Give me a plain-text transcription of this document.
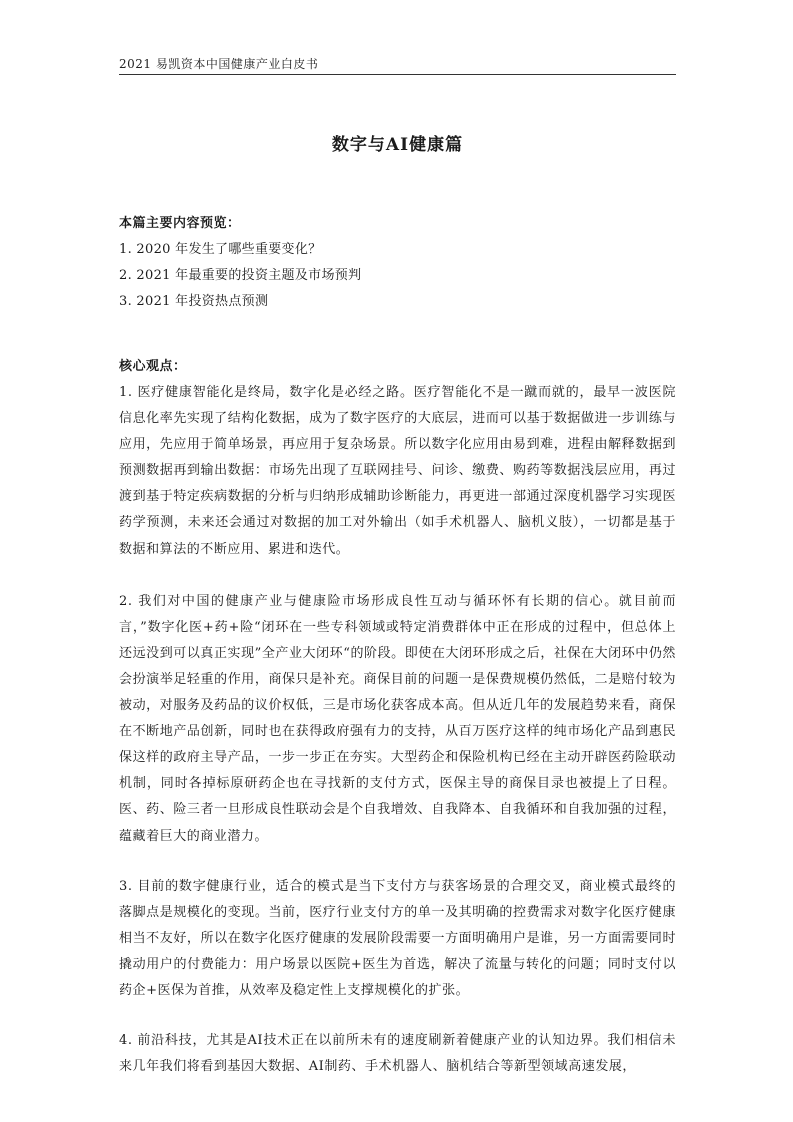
2021 易凯资本中国健康产业白皮书
数字与AI健康篇
本篇主要内容预览：
1. 2020 年发生了哪些重要变化？
2. 2021 年最重要的投资主题及市场预判
3. 2021 年投资热点预测
核心观点：

1. 医疗健康智能化是终局，数字化是必经之路。医疗智能化不是一蹴而就的，最早一波医院信息化率先实现了结构化数据，成为了数字医疗的大底层，进而可以基于数据做进一步训练与应用，先应用于简单场景，再应用于复杂场景。所以数字化应用由易到难，进程由解释数据到预测数据再到输出数据：市场先出现了互联网挂号、问诊、缴费、购药等数据浅层应用，再过渡到基于特定疾病数据的分析与归纳形成辅助诊断能力，再更进一部通过深度机器学习实现医药学预测，未来还会通过对数据的加工对外输出（如手术机器人、脑机义肢），一切都是基于数据和算法的不断应用、累进和迭代。

2. 我们对中国的健康产业与健康险市场形成良性互动与循环怀有长期的信心。就目前而言，”数字化医+药+险“闭环在一些专科领域或特定消费群体中正在形成的过程中，但总体上还远没到可以真正实现”全产业大闭环“的阶段。即使在大闭环形成之后，社保在大闭环中仍然会扮演举足轻重的作用，商保只是补充。商保目前的问题一是保费规模仍然低，二是赔付较为被动，对服务及药品的议价权低，三是市场化获客成本高。但从近几年的发展趋势来看，商保在不断地产品创新，同时也在获得政府强有力的支持，从百万医疗这样的纯市场化产品到惠民保这样的政府主导产品，一步一步正在夯实。大型药企和保险机构已经在主动开辟医药险联动机制，同时各掉标原研药企也在寻找新的支付方式，医保主导的商保目录也被提上了日程。医、药、险三者一旦形成良性联动会是个自我增效、自我降本、自我循环和自我加强的过程，蕴藏着巨大的商业潜力。

3. 目前的数字健康行业，适合的模式是当下支付方与获客场景的合理交叉，商业模式最终的落脚点是规模化的变现。当前，医疗行业支付方的单一及其明确的控费需求对数字化医疗健康相当不友好，所以在数字化医疗健康的发展阶段需要一方面明确用户是谁，另一方面需要同时撬动用户的付费能力：用户场景以医院+医生为首选，解决了流量与转化的问题；同时支付以药企+医保为首推，从效率及稳定性上支撑规模化的扩张。

4. 前沿科技，尤其是AI技术正在以前所未有的速度刷新着健康产业的认知边界。我们相信未来几年我们将看到基因大数据、AI制药、手术机器人、脑机结合等新型领域高速发展，
